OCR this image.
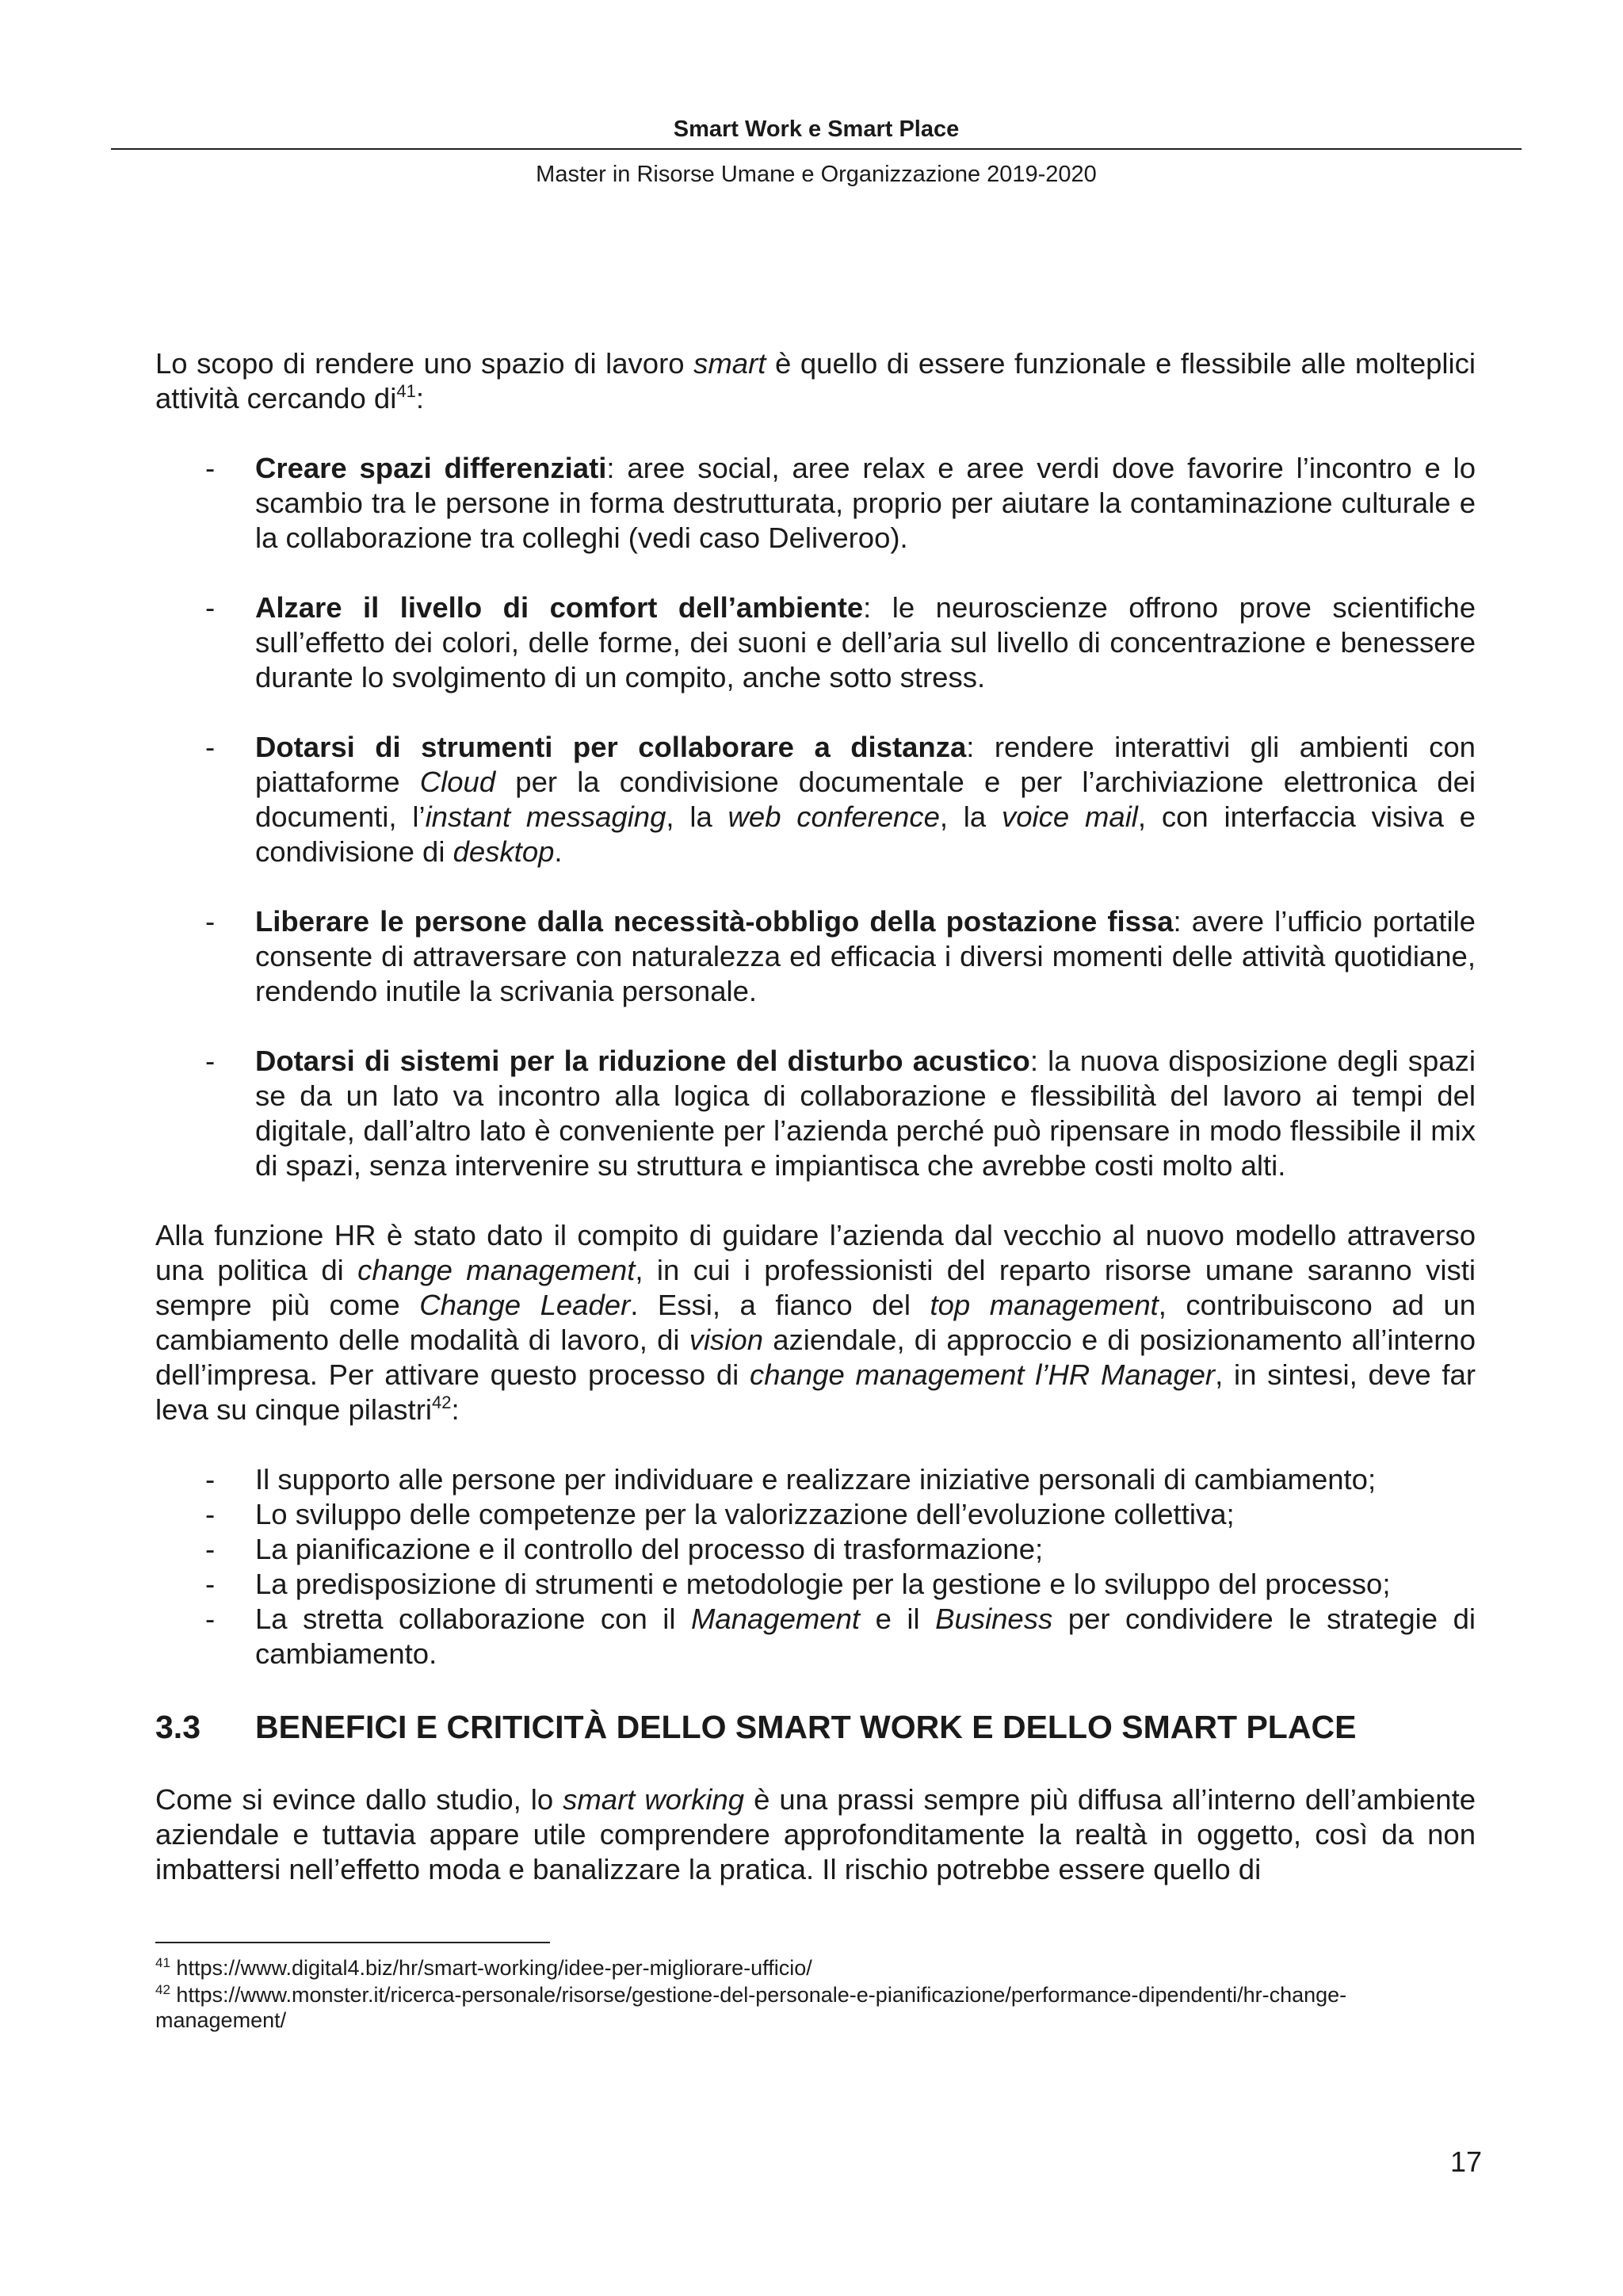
Smart Work e Smart Place
Master in Risorse Umane e Organizzazione 2019-2020

Lo scopo di rendere uno spazio di lavoro smart è quello di essere funzionale e flessibile alle molteplici attività cercando $di^{41}$:

- Creare spazi differenziati: aree social, aree relax e aree verdi dove favorire l’incontro e lo scambio tra le persone in forma destrutturata, proprio per aiutare la contaminazione culturale e la collaborazione tra colleghi (vedi caso Deliveroo).
- Alzare il livello di comfort dell’ambiente: le neuroscienze offrono prove scientifiche sull’effetto dei colori, delle forme, dei suoni e dell’aria sul livello di concentrazione e benessere durante lo svolgimento di un compito, anche sotto stress.
- Dotarsi di strumenti per collaborare a distanza: rendere interattivi gli ambienti con piattaforme Cloud per la condivisione documentale e per l’archiviazione elettronica dei documenti, l’instant messaging, la web conference, la voice mail, con interfaccia visiva e condivisione di desktop.
- Liberare le persone dalla necessità-obbligo della postazione fissa: avere l’ufficio portatile consente di attraversare con naturalezza ed efficacia i diversi momenti delle attività quotidiane, rendendo inutile la scrivania personale.
- Dotarsi di sistemi per la riduzione del disturbo acustico: la nuova disposizione degli spazi se da un lato va incontro alla logica di collaborazione e flessibilità del lavoro ai tempi del digitale, dall’altro lato è conveniente per l’azienda perché può ripensare in modo flessibile il mix di spazi, senza intervenire su struttura e impiantisca che avrebbe costi molto alti.

Alla funzione HR è stato dato il compito di guidare l’azienda dal vecchio al nuovo modello attraverso una politica di change management, in cui i professionisti del reparto risorse umane saranno visti sempre più come Change Leader. Essi, a fianco del top management, contribuiscono ad un cambiamento delle modalità di lavoro, di vision aziendale, di approccio e di posizionamento all’interno dell’impresa. Per attivare questo processo di change management l’HR Manager, in sintesi, deve far leva su cinque pilastri$^{42}$:

- Il supporto alle persone per individuare e realizzare iniziative personali di cambiamento;
- Lo sviluppo delle competenze per la valorizzazione dell’evoluzione collettiva;
- La pianificazione e il controllo del processo di trasformazione;
- La predisposizione di strumenti e metodologie per la gestione e lo sviluppo del processo;
- La stretta collaborazione con il Management e il Business per condividere le strategie di cambiamento.
3.3 BENEFICI E CRITICITÀ DELLO SMART WORK E DELLO SMART PLACE

Come si evince dallo studio, lo smart working è una prassi sempre più diffusa all’interno dell’ambiente aziendale e tuttavia appare utile comprendere approfonditamente la realtà in oggetto, così da non imbattersi nell’effetto moda e banalizzare la pratica. Il rischio potrebbe essere quello di

$^{41}$ https://www.digital4.biz/hr/smart-working/idee-per-migliorare-ufficio/
$^{42}$ https://www.monster.it/ricerca-personale/risorse/gestione-del-personale-e-pianificazione/performance-dipendenti/hr-change-management/
17
